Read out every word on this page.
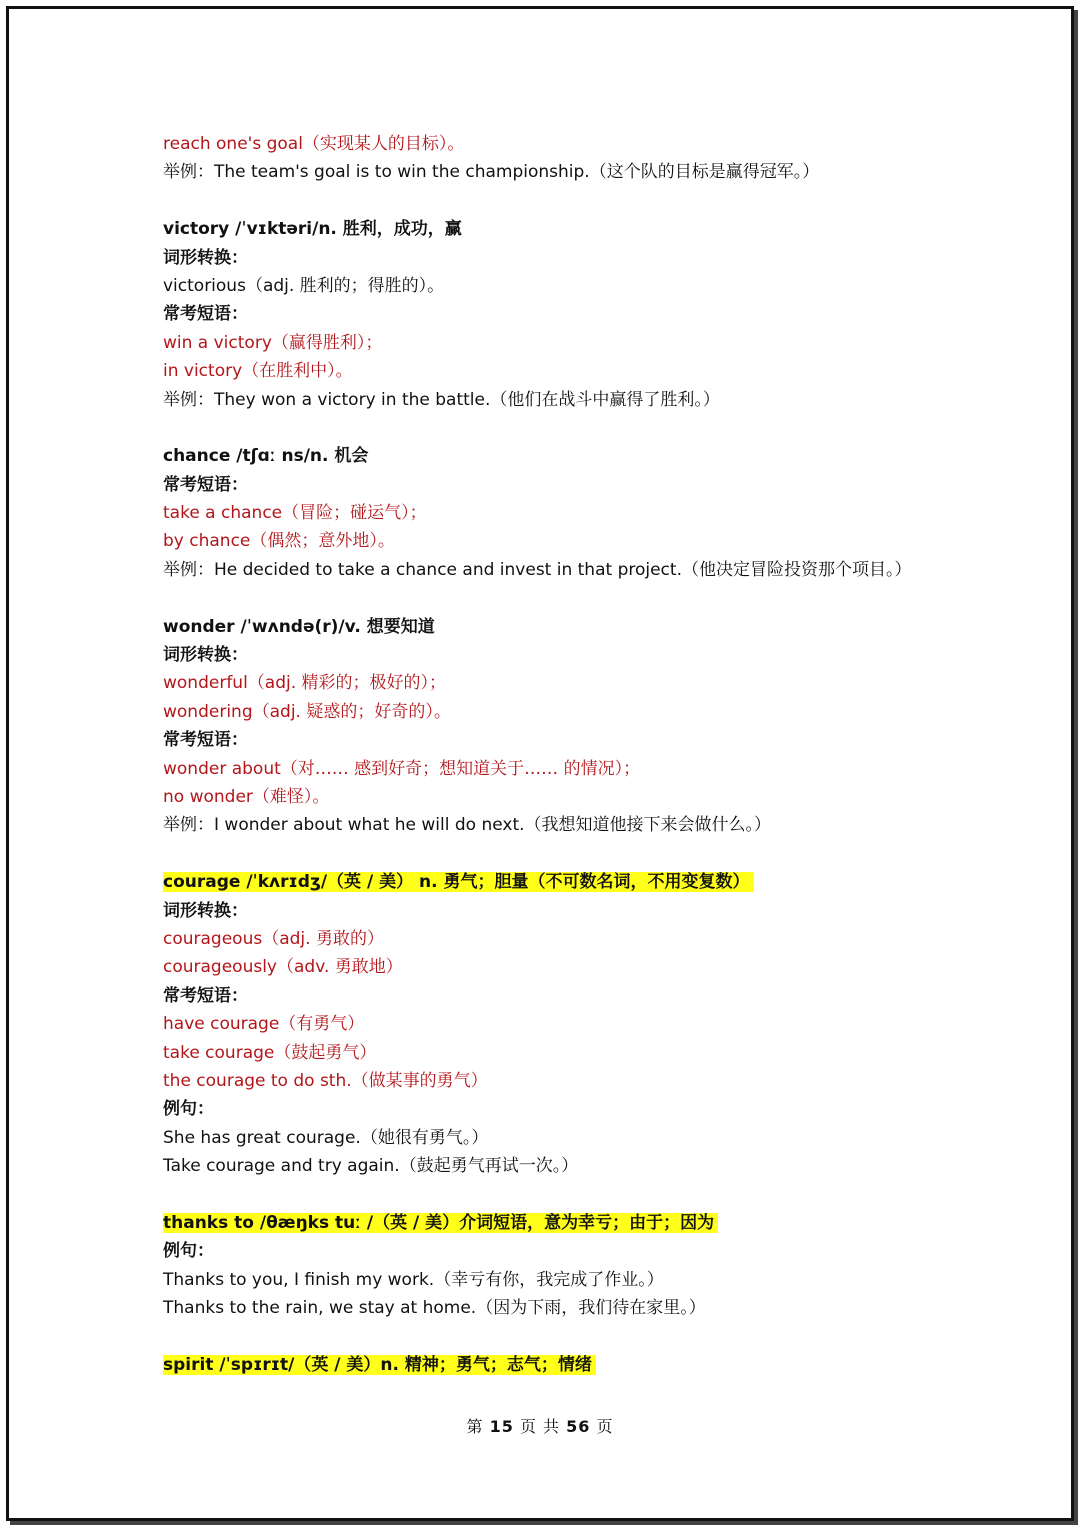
reach one's goal（实现某人的目标）。
举例：The team's goal is to win the championship.（这个队的目标是赢得冠军。）
victory /ˈvɪktəri/n. 胜利，成功，赢
词形转换：
victorious（adj. 胜利的；得胜的）。
常考短语：
win a victory（赢得胜利）；
in victory（在胜利中）。
举例：They won a victory in the battle.（他们在战斗中赢得了胜利。）
chance /tʃɑː ns/n. 机会
常考短语：
take a chance（冒险；碰运气）；
by chance（偶然；意外地）。
举例：He decided to take a chance and invest in that project.（他决定冒险投资那个项目。）
wonder /ˈwʌndə(r)/v. 想要知道
词形转换：
wonderful（adj. 精彩的；极好的）；
wondering（adj. 疑惑的；好奇的）。
常考短语：
wonder about（对…… 感到好奇；想知道关于…… 的情况）；
no wonder（难怪）。
举例：I wonder about what he will do next.（我想知道他接下来会做什么。）
courage /ˈkʌrɪdʒ/（英 / 美） n. 勇气；胆量（不可数名词，不用变复数）
词形转换：
courageous（adj. 勇敢的）
courageously（adv. 勇敢地）
常考短语：
have courage（有勇气）
take courage（鼓起勇气）
the courage to do sth.（做某事的勇气）
例句：
She has great courage.（她很有勇气。）
Take courage and try again.（鼓起勇气再试一次。）
thanks to /θæŋks tuː /（英 / 美）介词短语，意为幸亏；由于；因为
例句：
Thanks to you, I finish my work.（幸亏有你，我完成了作业。）
Thanks to the rain, we stay at home.（因为下雨，我们待在家里。）
spirit /ˈspɪrɪt/（英 / 美）n. 精神；勇气；志气；情绪
第 15 页 共 56 页
